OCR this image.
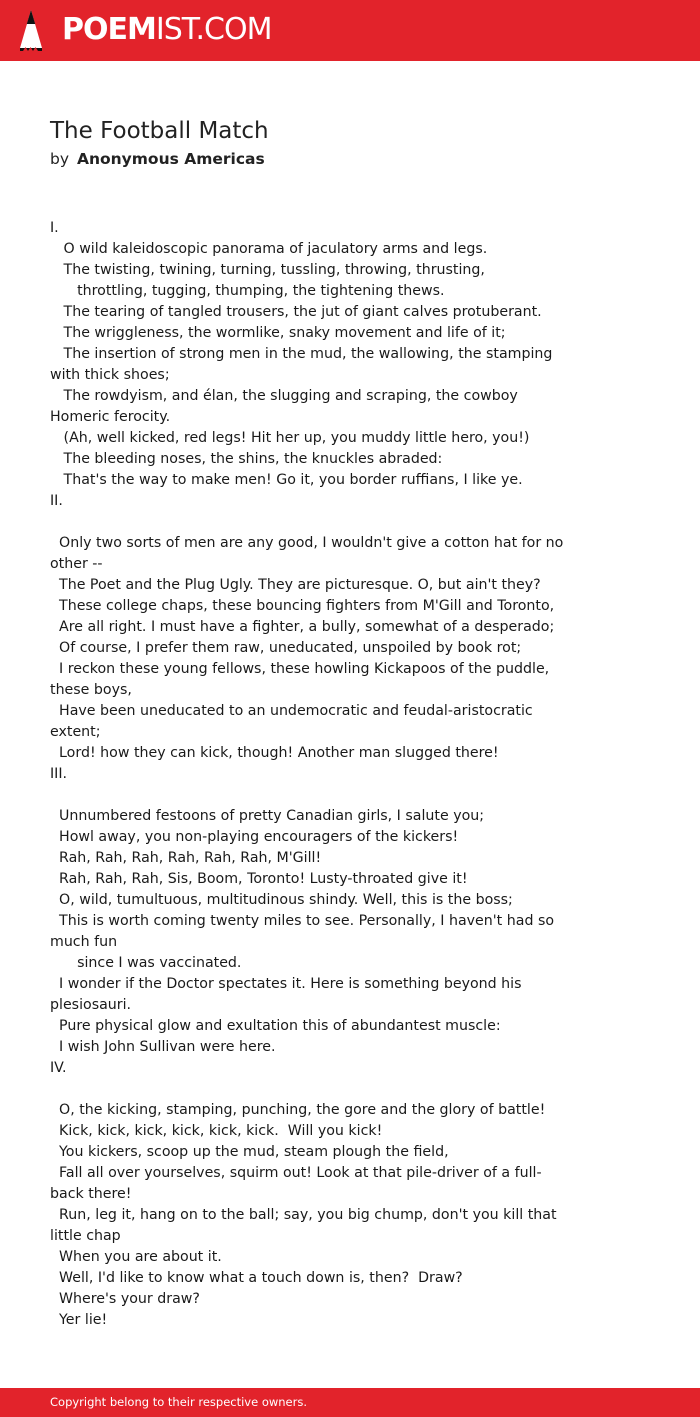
POEMIST.COM
The Football Match
by Anonymous Americas
I.
O wild kaleidoscopic panorama of jaculatory arms and legs.
The twisting, twining, turning, tussling, throwing, thrusting,
throttling, tugging, thumping, the tightening thews.
The tearing of tangled trousers, the jut of giant calves protuberant.
The wriggleness, the wormlike, snaky movement and life of it;
The insertion of strong men in the mud, the wallowing, the stamping with thick shoes;
The rowdyism, and élan, the slugging and scraping, the cowboy Homeric ferocity.
(Ah, well kicked, red legs! Hit her up, you muddy little hero, you!)
The bleeding noses, the shins, the knuckles abraded:
That's the way to make men! Go it, you border ruffians, I like ye.
II.
Only two sorts of men are any good, I wouldn't give a cotton hat for no other --
The Poet and the Plug Ugly. They are picturesque. O, but ain't they?
These college chaps, these bouncing fighters from M'Gill and Toronto,
Are all right. I must have a fighter, a bully, somewhat of a desperado;
Of course, I prefer them raw, uneducated, unspoiled by book rot;
I reckon these young fellows, these howling Kickapoos of the puddle, these boys,
Have been uneducated to an undemocratic and feudal-aristocratic extent;
Lord! how they can kick, though! Another man slugged there!
III.
Unnumbered festoons of pretty Canadian girls, I salute you;
Howl away, you non-playing encouragers of the kickers!
Rah, Rah, Rah, Rah, Rah, Rah, M'Gill!
Rah, Rah, Rah, Sis, Boom, Toronto! Lusty-throated give it!
O, wild, tumultuous, multitudinous shindy. Well, this is the boss;
This is worth coming twenty miles to see. Personally, I haven't had so much fun
since I was vaccinated.
I wonder if the Doctor spectates it. Here is something beyond his plesiosauri.
Pure physical glow and exultation this of abundantest muscle:
I wish John Sullivan were here.
IV.
O, the kicking, stamping, punching, the gore and the glory of battle!
Kick, kick, kick, kick, kick, kick.  Will you kick!
You kickers, scoop up the mud, steam plough the field,
Fall all over yourselves, squirm out! Look at that pile-driver of a full-back there!
Run, leg it, hang on to the ball; say, you big chump, don't you kill that little chap
When you are about it.
Well, I'd like to know what a touch down is, then?  Draw?
Where's your draw?
Yer lie!
Copyright belong to their respective owners.
